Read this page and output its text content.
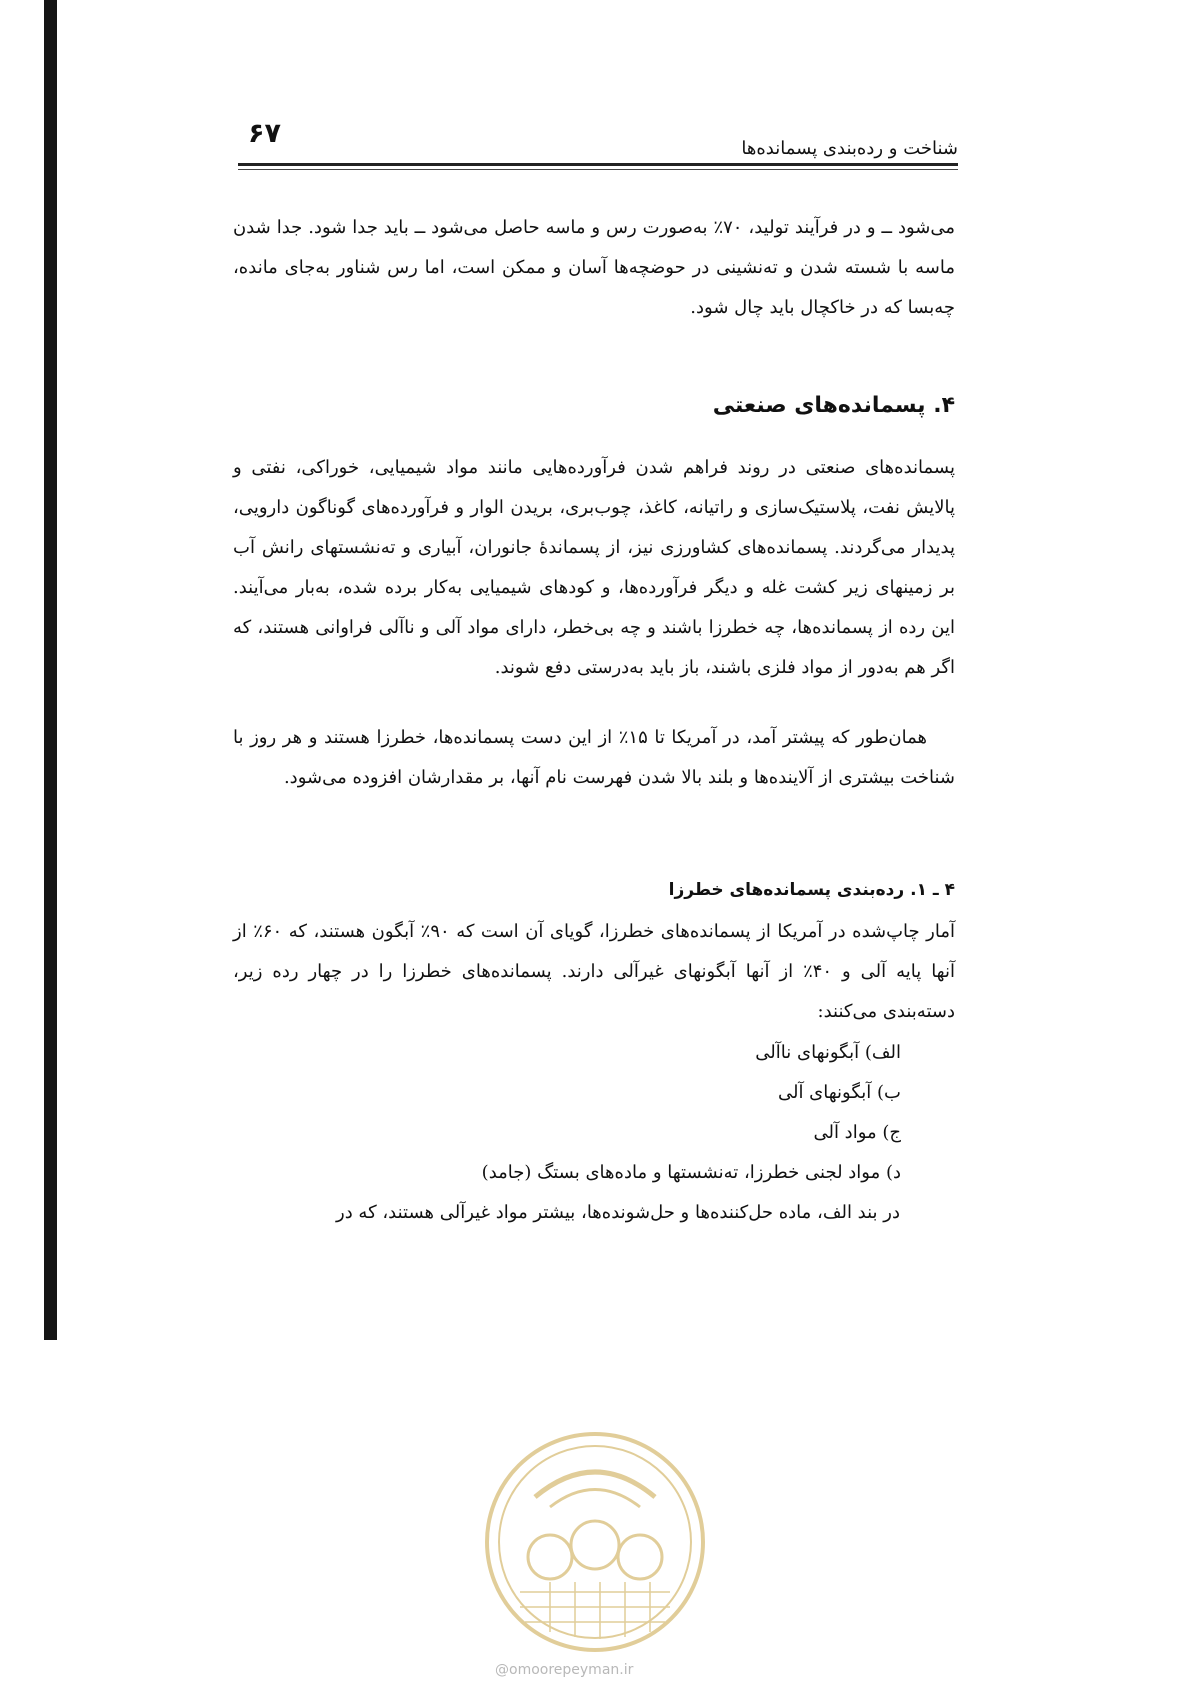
۶۷	شناخت و رده‌بندی پسمانده‌ها

می‌شود ــ و در فرآیند تولید، ۷۰٪ به‌صورت رس و ماسه حاصل می‌شود ــ باید جدا شود. جدا شدن ماسه با شسته شدن و ته‌نشینی در حوضچه‌ها آسان و ممکن است، اما رس شناور به‌جای مانده، چه‌بسا که در خاکچال باید چال شود.

۴. پسمانده‌های صنعتی

پسمانده‌های صنعتی در روند فراهم شدن فرآورده‌هایی مانند مواد شیمیایی، خوراکی، نفتی و پالایش نفت، پلاستیک‌سازی و راتیانه، کاغذ، چوب‌بری، بریدن الوار و فرآورده‌های گوناگون دارویی، پدیدار می‌گردند. پسمانده‌های کشاورزی نیز، از پسماندهٔ جانوران، آبیاری و ته‌نشستهای رانش آب بر زمینهای زیر کشت غله و دیگر فرآورده‌ها، و کودهای شیمیایی به‌کار برده شده، به‌بار می‌آیند. این رده از پسمانده‌ها، چه خطرزا باشند و چه بی‌خطر، دارای مواد آلی و ناآلی فراوانی هستند، که اگر هم به‌دور از مواد فلزی باشند، باز باید به‌درستی دفع شوند.

همان‌طور که پیشتر آمد، در آمریکا تا ۱۵٪ از این دست پسمانده‌ها، خطرزا هستند و هر روز با شناخت بیشتری از آلاینده‌ها و بلند بالا شدن فهرست نام آنها، بر مقدارشان افزوده می‌شود.

۴ ـ ۱. رده‌بندی پسمانده‌های خطرزا

آمار چاپ‌شده در آمریکا از پسمانده‌های خطرزا، گویای آن است که ۹۰٪ آبگون هستند، که ۶۰٪ از آنها پایه آلی و ۴۰٪ از آنها آبگونهای غیرآلی دارند. پسمانده‌های خطرزا را در چهار رده زیر، دسته‌بندی می‌کنند:

الف) آبگونهای ناآلی
ب) آبگونهای آلی
ج) مواد آلی
د) مواد لجنی خطرزا، ته‌نشستها و ماده‌های بستگ (جامد)

در بند الف، ماده حل‌کننده‌ها و حل‌شونده‌ها، بیشتر مواد غیرآلی هستند، که در

@omoorepeyman.ir
